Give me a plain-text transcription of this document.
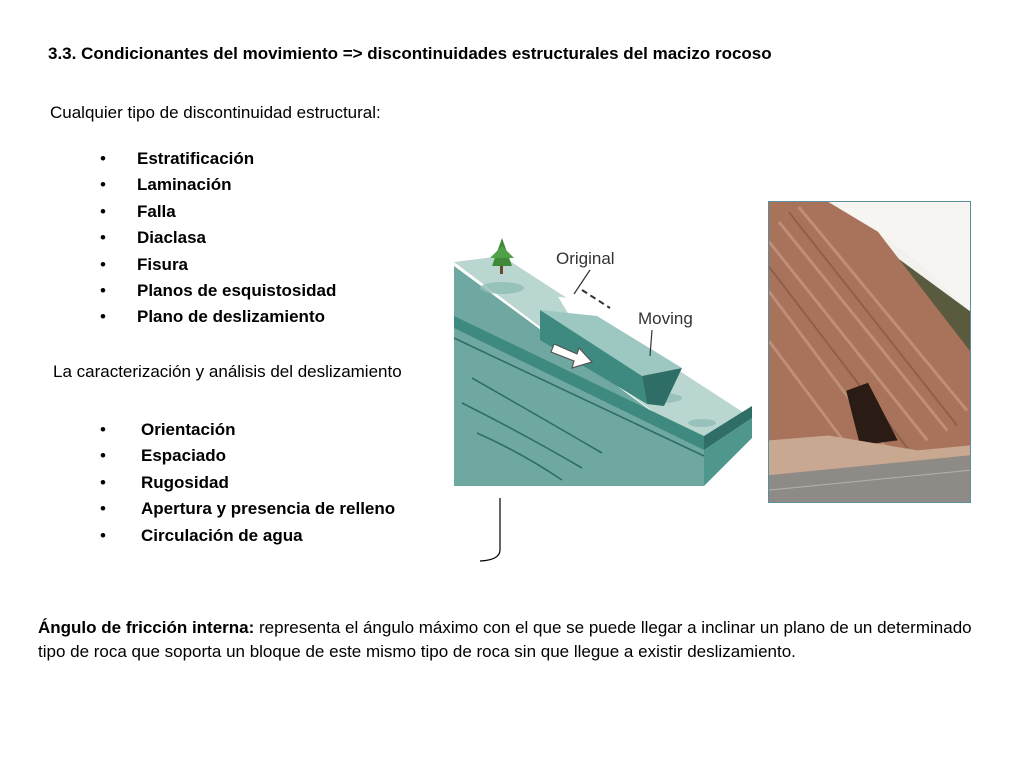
3.3. Condicionantes del movimiento => discontinuidades estructurales del macizo rocoso
Cualquier tipo de discontinuidad estructural:
• Estratificación
• Laminación
• Falla
• Diaclasa
• Fisura
• Planos de esquistosidad
• Plano de deslizamiento
La caracterización y análisis del deslizamiento
• Orientación
• Espaciado
• Rugosidad
• Apertura y presencia de relleno
• Circulación de agua
Original
Moving

Ángulo de fricción interna: representa el ángulo máximo con el que se puede llegar a inclinar un plano de un determinado tipo de roca que soporta un bloque de este mismo tipo de roca sin que llegue a existir deslizamiento.
